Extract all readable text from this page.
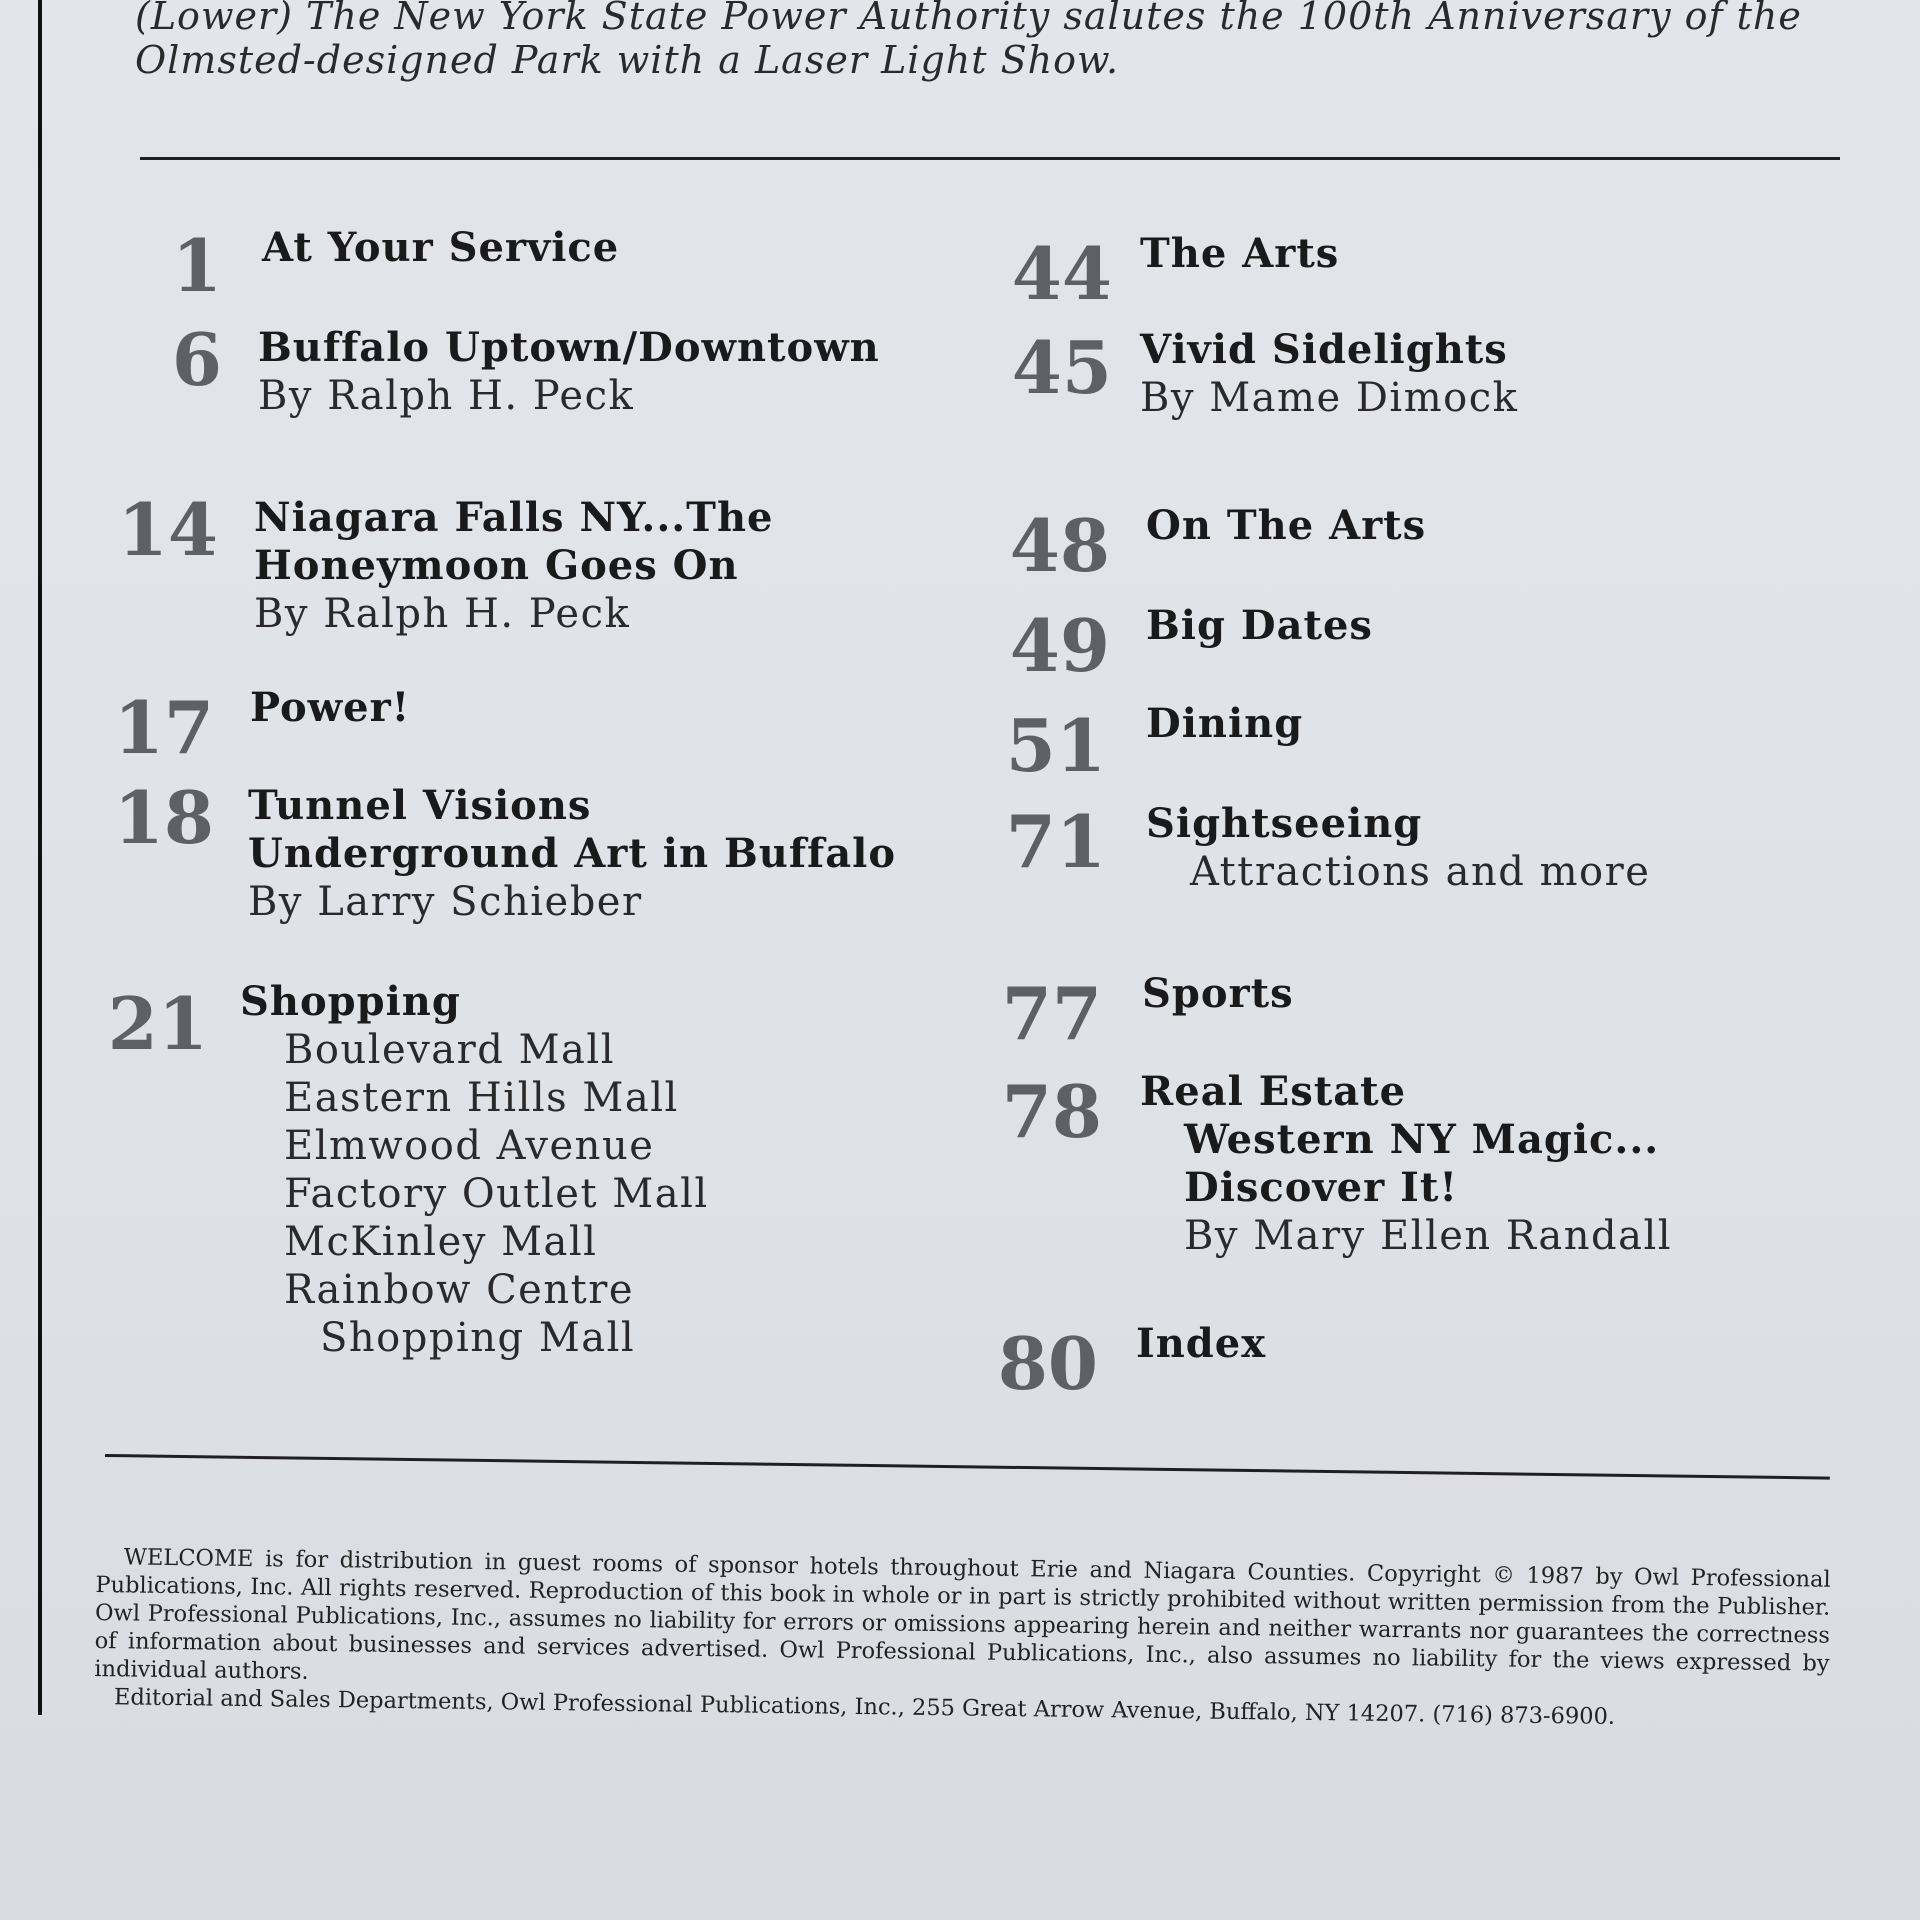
(Lower) The New York State Power Authority salutes the 100th Anniversary of the
Olmsted-designed Park with a Laser Light Show.
1 At Your Service
6 Buffalo Uptown/Downtown
By Ralph H. Peck
14 Niagara Falls NY...The
Honeymoon Goes On
By Ralph H. Peck
17 Power!
18 Tunnel Visions
Underground Art in Buffalo
By Larry Schieber
21 Shopping
Boulevard Mall
Eastern Hills Mall
Elmwood Avenue
Factory Outlet Mall
McKinley Mall
Rainbow Centre
Shopping Mall
44 The Arts
45 Vivid Sidelights
By Mame Dimock
48 On The Arts
49 Big Dates
51 Dining
71 Sightseeing
Attractions and more
77 Sports
78 Real Estate
Western NY Magic...
Discover It!
By Mary Ellen Randall
80 Index
WELCOME is for distribution in guest rooms of sponsor hotels throughout Erie and Niagara Counties. Copyright © 1987 by Owl Professional Publications, Inc. All rights reserved. Reproduction of this book in whole or in part is strictly prohibited without written permission from the Publisher. Owl Professional Publications, Inc., assumes no liability for errors or omissions appearing herein and neither warrants nor guarantees the correctness of information about businesses and services advertised. Owl Professional Publications, Inc., also assumes no liability for the views expressed by individual authors.
Editorial and Sales Departments, Owl Professional Publications, Inc., 255 Great Arrow Avenue, Buffalo, NY 14207. (716) 873-6900.
